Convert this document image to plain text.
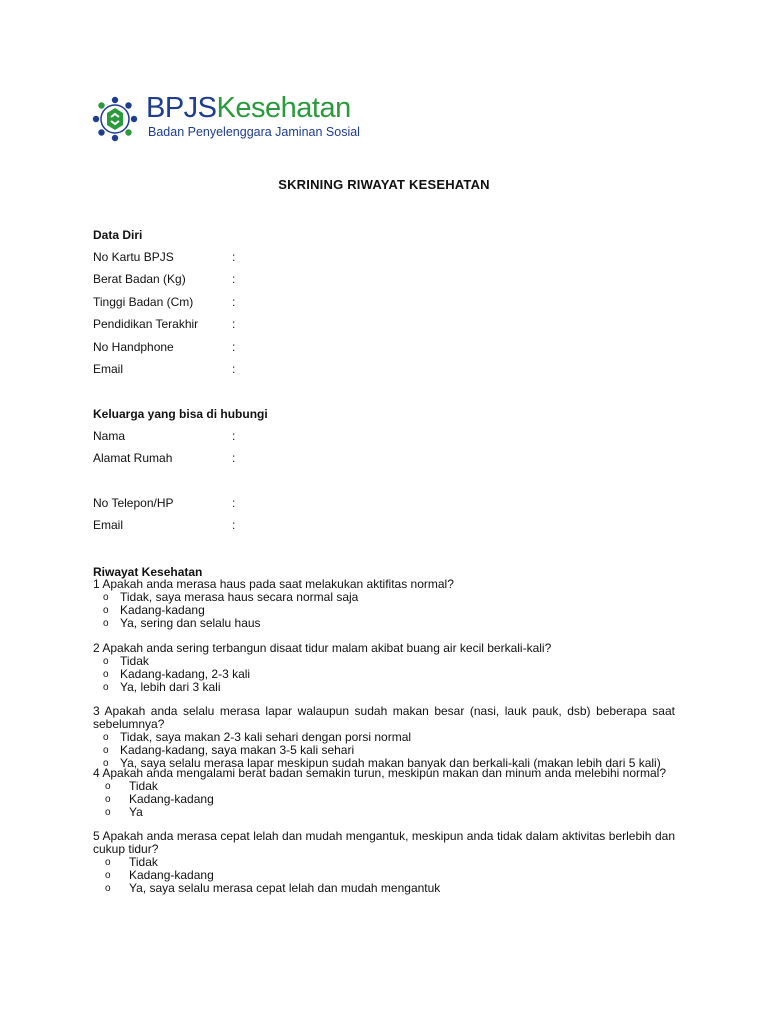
BPJSKesehatan
Badan Penyelenggara Jaminan Sosial
SKRINING RIWAYAT KESEHATAN
Data Diri
No Kartu BPJS	:
Berat Badan (Kg)	:
Tinggi Badan (Cm)	:
Pendidikan Terakhir	:
No Handphone	:
Email	:
Keluarga yang bisa di hubungi
Nama	:
Alamat Rumah	:
No Telepon/HP	:
Email	:
Riwayat Kesehatan
1 Apakah anda merasa haus pada saat melakukan aktifitas normal?
o Tidak, saya merasa haus secara normal saja
o Kadang-kadang
o Ya, sering dan selalu haus
2 Apakah anda sering terbangun disaat tidur malam akibat buang air kecil berkali-kali?
o Tidak
o Kadang-kadang, 2-3 kali
o Ya, lebih dari 3 kali
3 Apakah anda selalu merasa lapar walaupun sudah makan besar (nasi, lauk pauk, dsb) beberapa saat sebelumnya?
o Tidak, saya makan 2-3 kali sehari dengan porsi normal
o Kadang-kadang, saya makan 3-5 kali sehari
o Ya, saya selalu merasa lapar meskipun sudah makan banyak dan berkali-kali (makan lebih dari 5 kali)
4 Apakah anda mengalami berat badan semakin turun, meskipun makan dan minum anda melebihi normal?
o Tidak
o Kadang-kadang
o Ya
5 Apakah anda merasa cepat lelah dan mudah mengantuk, meskipun anda tidak dalam aktivitas berlebih dan cukup tidur?
o Tidak
o Kadang-kadang
o Ya, saya selalu merasa cepat lelah dan mudah mengantuk
